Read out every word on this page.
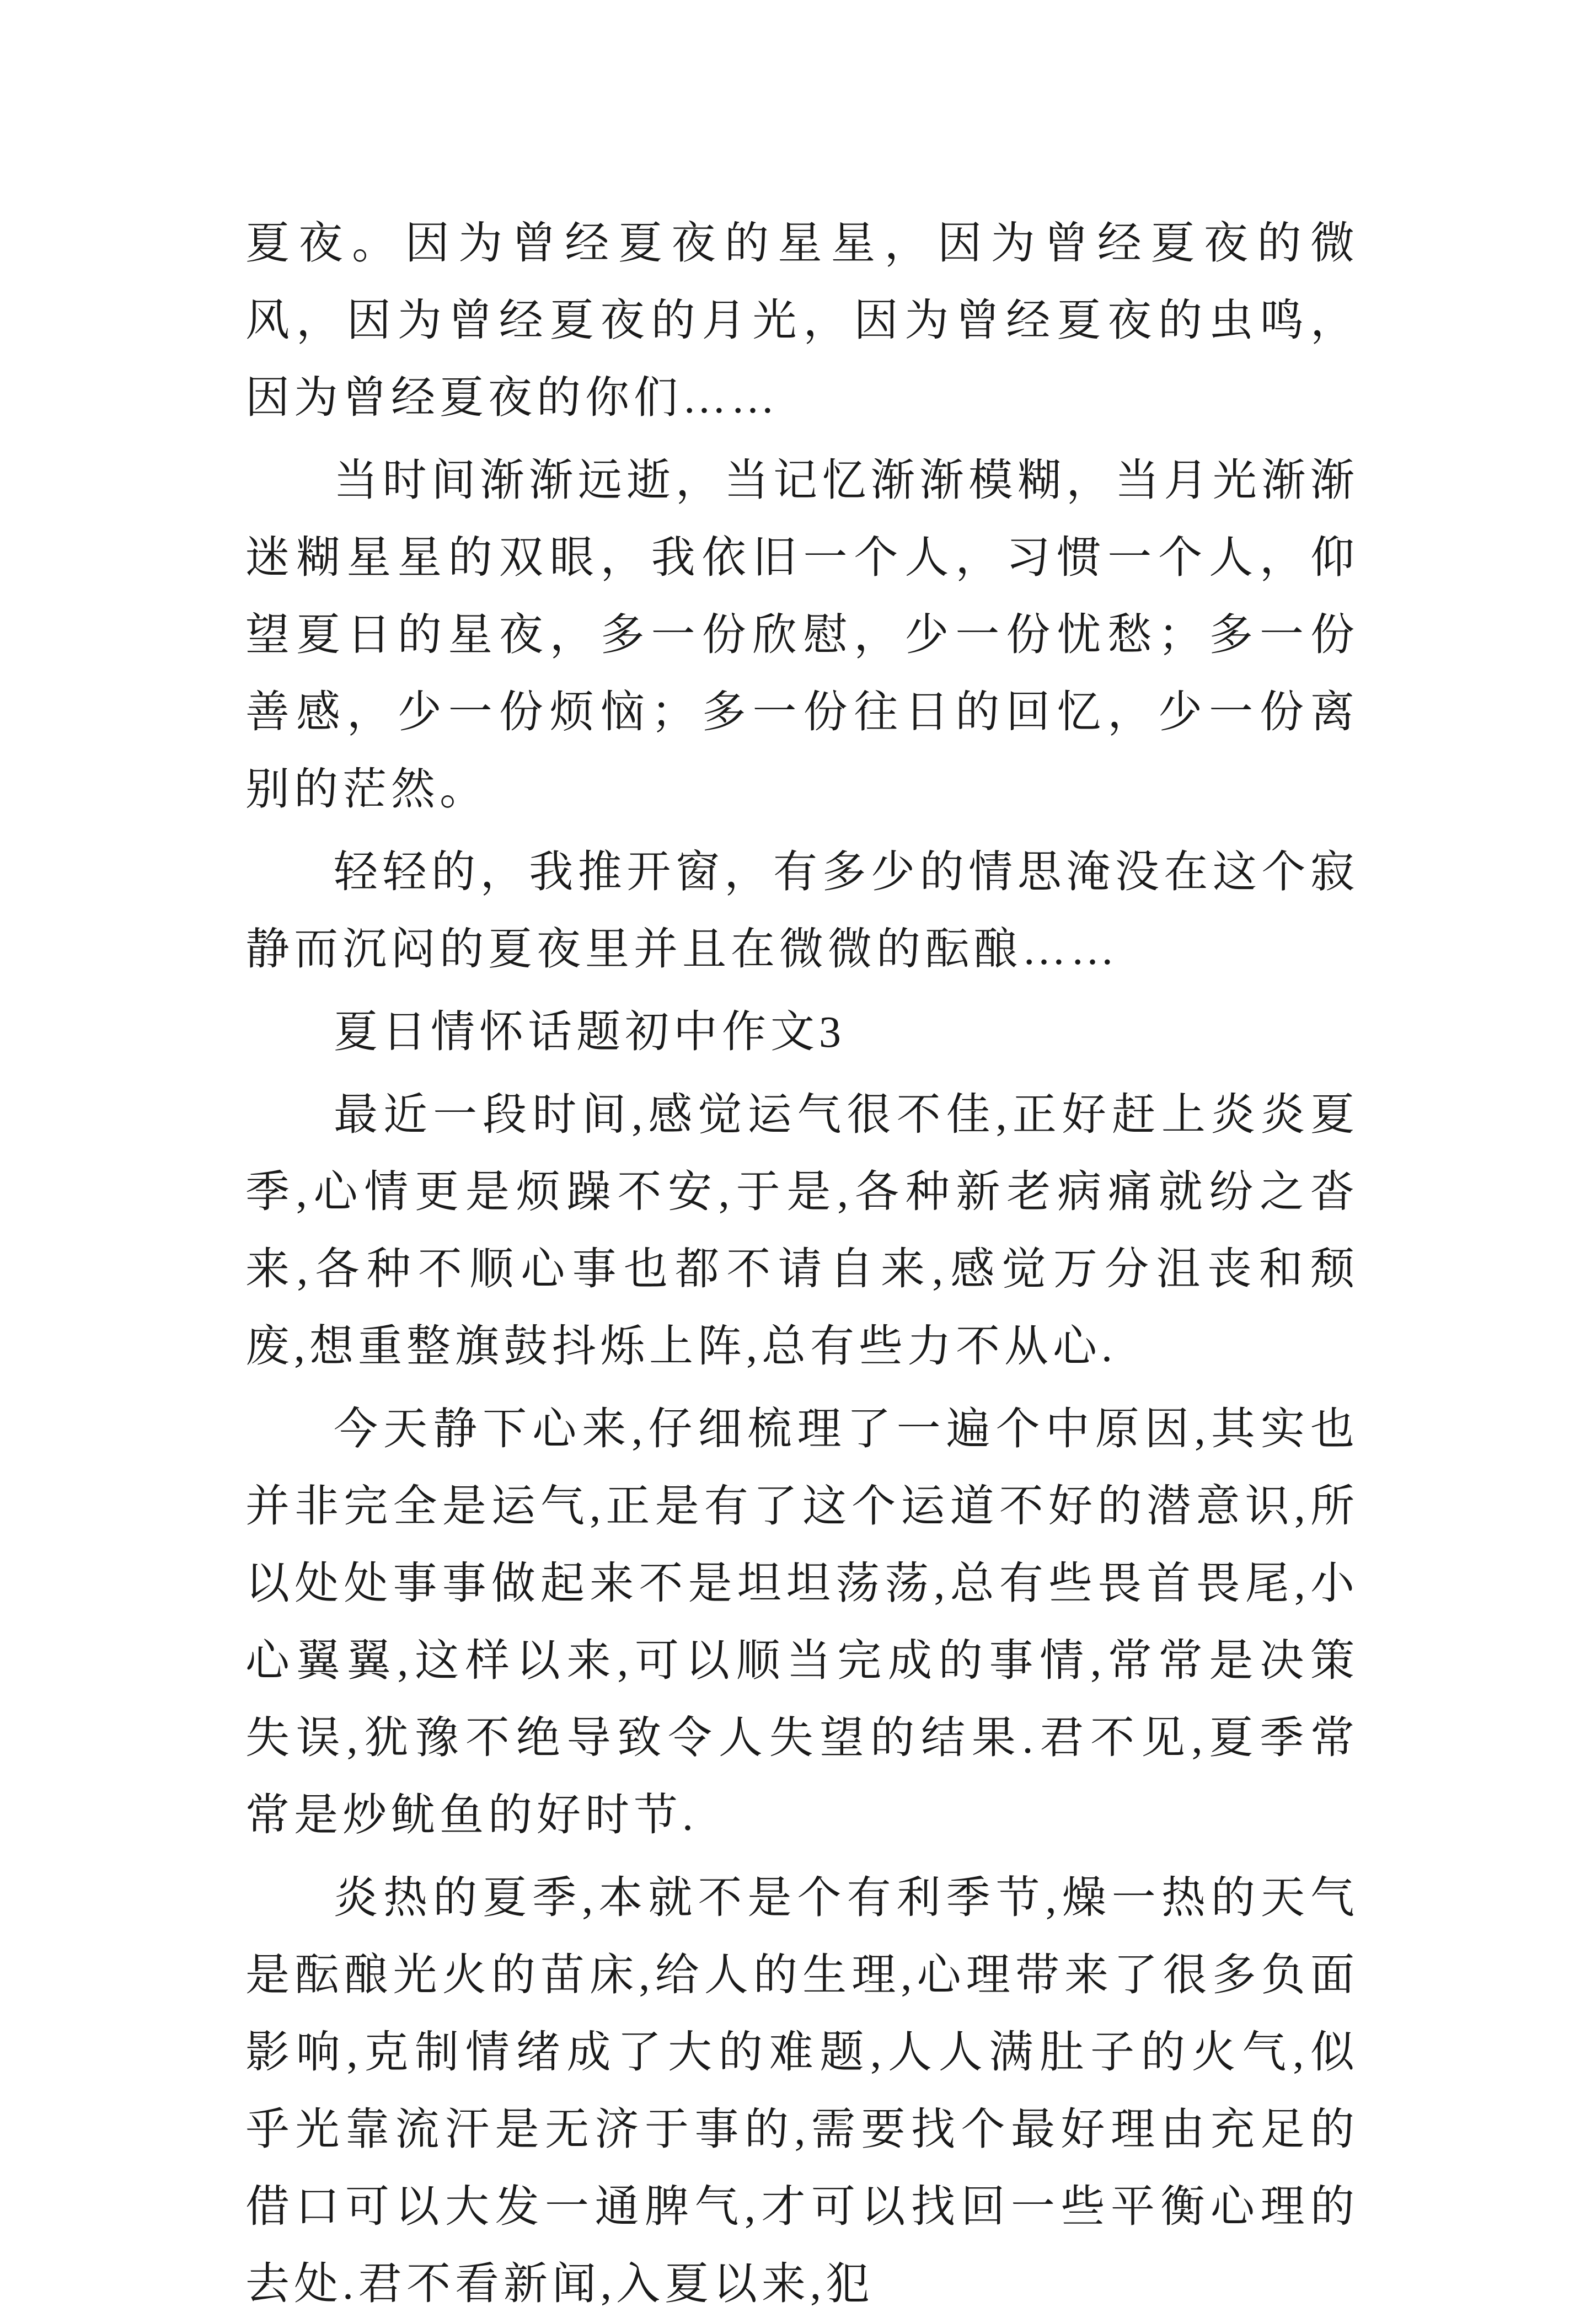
夏夜。因为曾经夏夜的星星，因为曾经夏夜的微风，因为曾经夏夜的月光，因为曾经夏夜的虫鸣，因为曾经夏夜的你们……

当时间渐渐远逝，当记忆渐渐模糊，当月光渐渐迷糊星星的双眼，我依旧一个人，习惯一个人，仰望夏日的星夜，多一份欣慰，少一份忧愁；多一份善感，少一份烦恼；多一份往日的回忆，少一份离别的茫然。

轻轻的，我推开窗，有多少的情思淹没在这个寂静而沉闷的夏夜里并且在微微的酝酿……

夏日情怀话题初中作文3

最近一段时间,感觉运气很不佳,正好赶上炎炎夏季,心情更是烦躁不安,于是,各种新老病痛就纷之沓来,各种不顺心事也都不请自来,感觉万分沮丧和颓废,想重整旗鼓抖烁上阵,总有些力不从心.

今天静下心来,仔细梳理了一遍个中原因,其实也并非完全是运气,正是有了这个运道不好的潜意识,所以处处事事做起来不是坦坦荡荡,总有些畏首畏尾,小心翼翼,这样以来,可以顺当完成的事情,常常是决策失误,犹豫不绝导致令人失望的结果.君不见,夏季常常是炒鱿鱼的好时节.

炎热的夏季,本就不是个有利季节,燥一热的天气是酝酿光火的苗床,给人的生理,心理带来了很多负面影响,克制情绪成了大的难题,人人满肚子的火气,似乎光靠流汗是无济于事的,需要找个最好理由充足的借口可以大发一通脾气,才可以找回一些平衡心理的去处.君不看新闻,入夏以来,犯
